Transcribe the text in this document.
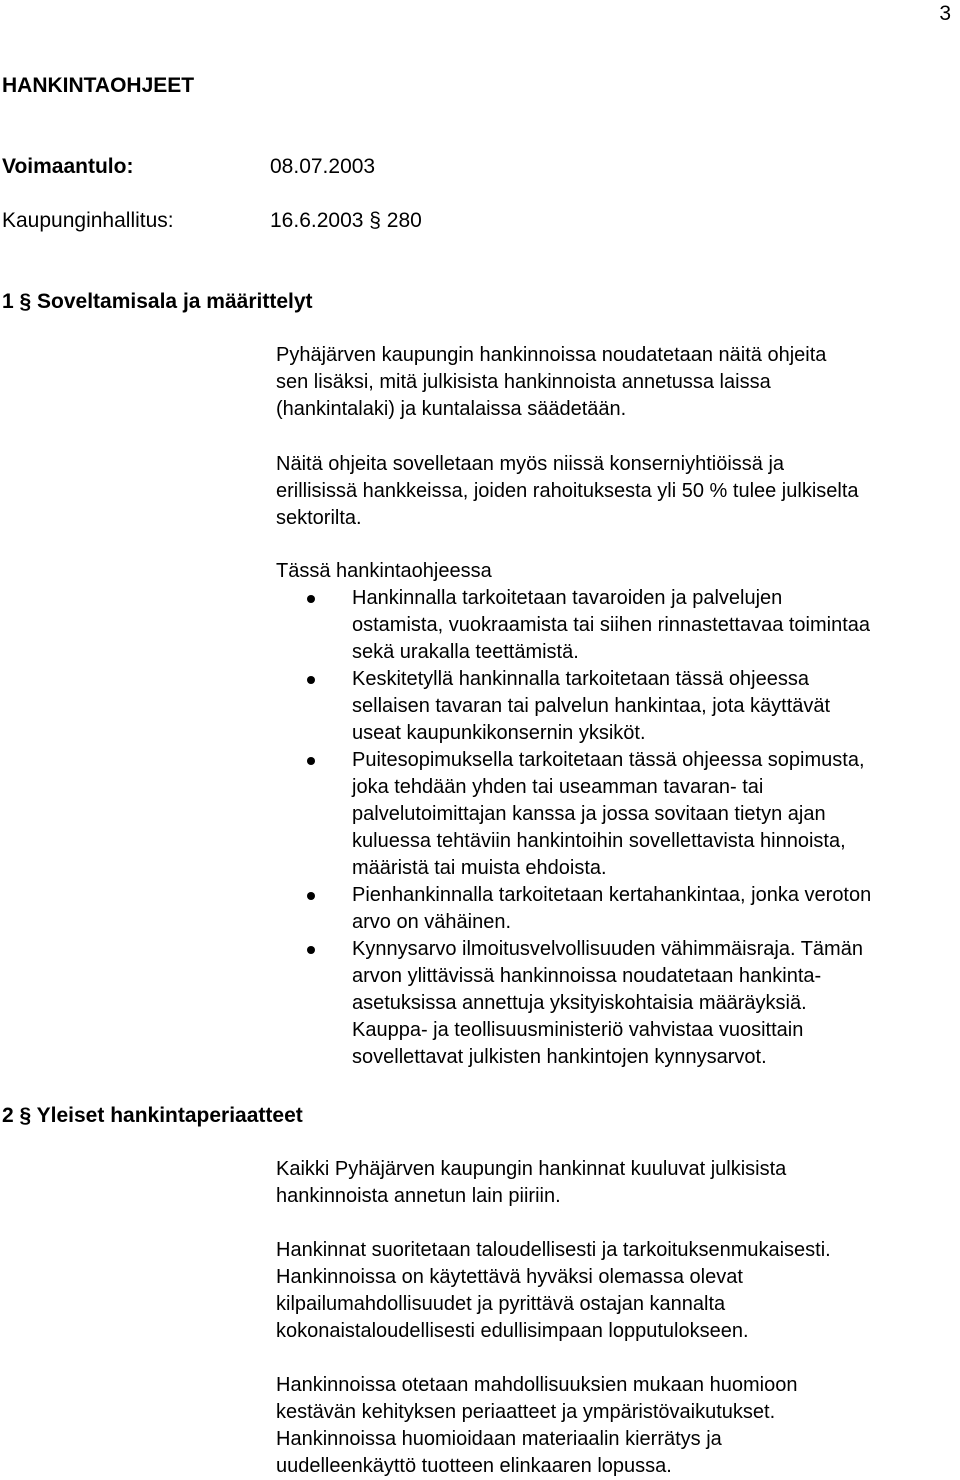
3
HANKINTAOHJEET
Voimaantulo:	08.07.2003
Kaupunginhallitus:	16.6.2003 § 280
1 § Soveltamisala ja määrittelyt
Pyhäjärven kaupungin hankinnoissa noudatetaan näitä ohjeita
sen lisäksi, mitä julkisista hankinnoista annetussa laissa
(hankintalaki) ja kuntalaissa säädetään.
Näitä ohjeita sovelletaan myös niissä konserniyhtiöissä ja
erillisissä hankkeissa, joiden rahoituksesta yli 50 % tulee julkiselta
sektorilta.
Tässä hankintaohjeessa
Hankinnalla tarkoitetaan tavaroiden ja palvelujen
ostamista, vuokraamista tai siihen rinnastettavaa toimintaa
sekä urakalla teettämistä.
Keskitetyllä hankinnalla tarkoitetaan tässä ohjeessa
sellaisen tavaran tai palvelun hankintaa, jota käyttävät
useat kaupunkikonsernin yksiköt.
Puitesopimuksella tarkoitetaan tässä ohjeessa sopimusta,
joka tehdään yhden tai useamman tavaran- tai
palvelutoimittajan kanssa ja jossa sovitaan tietyn ajan
kuluessa tehtäviin hankintoihin sovellettavista hinnoista,
määristä tai muista ehdoista.
Pienhankinnalla tarkoitetaan kertahankintaa, jonka veroton
arvo on vähäinen.
Kynnysarvo ilmoitusvelvollisuuden vähimmäisraja. Tämän
arvon ylittävissä hankinnoissa noudatetaan hankinta-
asetuksissa annettuja yksityiskohtaisia määräyksiä.
Kauppa- ja teollisuusministeriö vahvistaa vuosittain
sovellettavat julkisten hankintojen kynnysarvot.
2 § Yleiset hankintaperiaatteet
Kaikki Pyhäjärven kaupungin hankinnat kuuluvat julkisista
hankinnoista annetun lain piiriin.
Hankinnat suoritetaan taloudellisesti ja tarkoituksenmukaisesti.
Hankinnoissa on käytettävä hyväksi olemassa olevat
kilpailumahdollisuudet ja pyrittävä ostajan kannalta
kokonaistaloudellisesti edullisimpaan lopputulokseen.
Hankinnoissa otetaan mahdollisuuksien mukaan huomioon
kestävän kehityksen periaatteet ja ympäristövaikutukset.
Hankinnoissa huomioidaan materiaalin kierrätys ja
uudelleenkäyttö tuotteen elinkaaren lopussa.
